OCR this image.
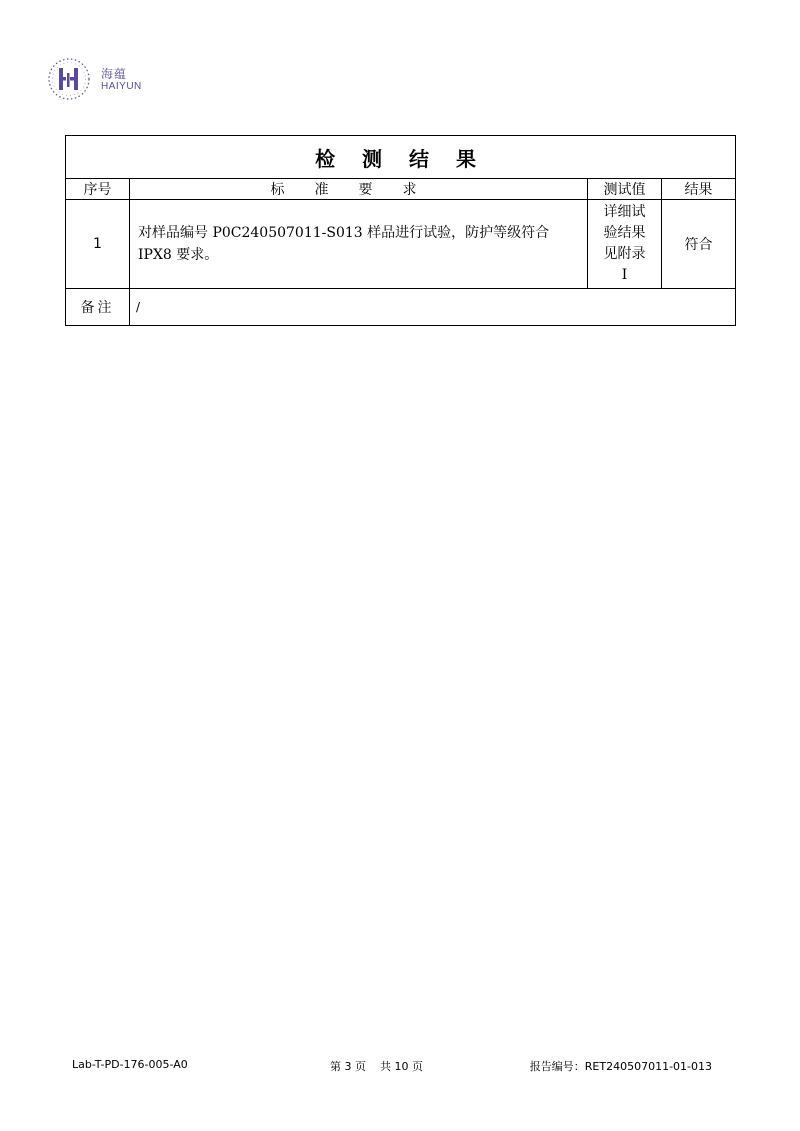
海蕴
HAIYUN
检 测 结 果			
序号	标准要求	测试值	结果
1	对样品编号 P0C240507011-S013 样品进行试验，防护等级符合 IPX8 要求。	详细试
验结果
见附录
Ⅰ	符合
备注	/		
Lab-T-PD-176-005-A0	第 3 页    共 10 页	报告编号：RET240507011-01-013
